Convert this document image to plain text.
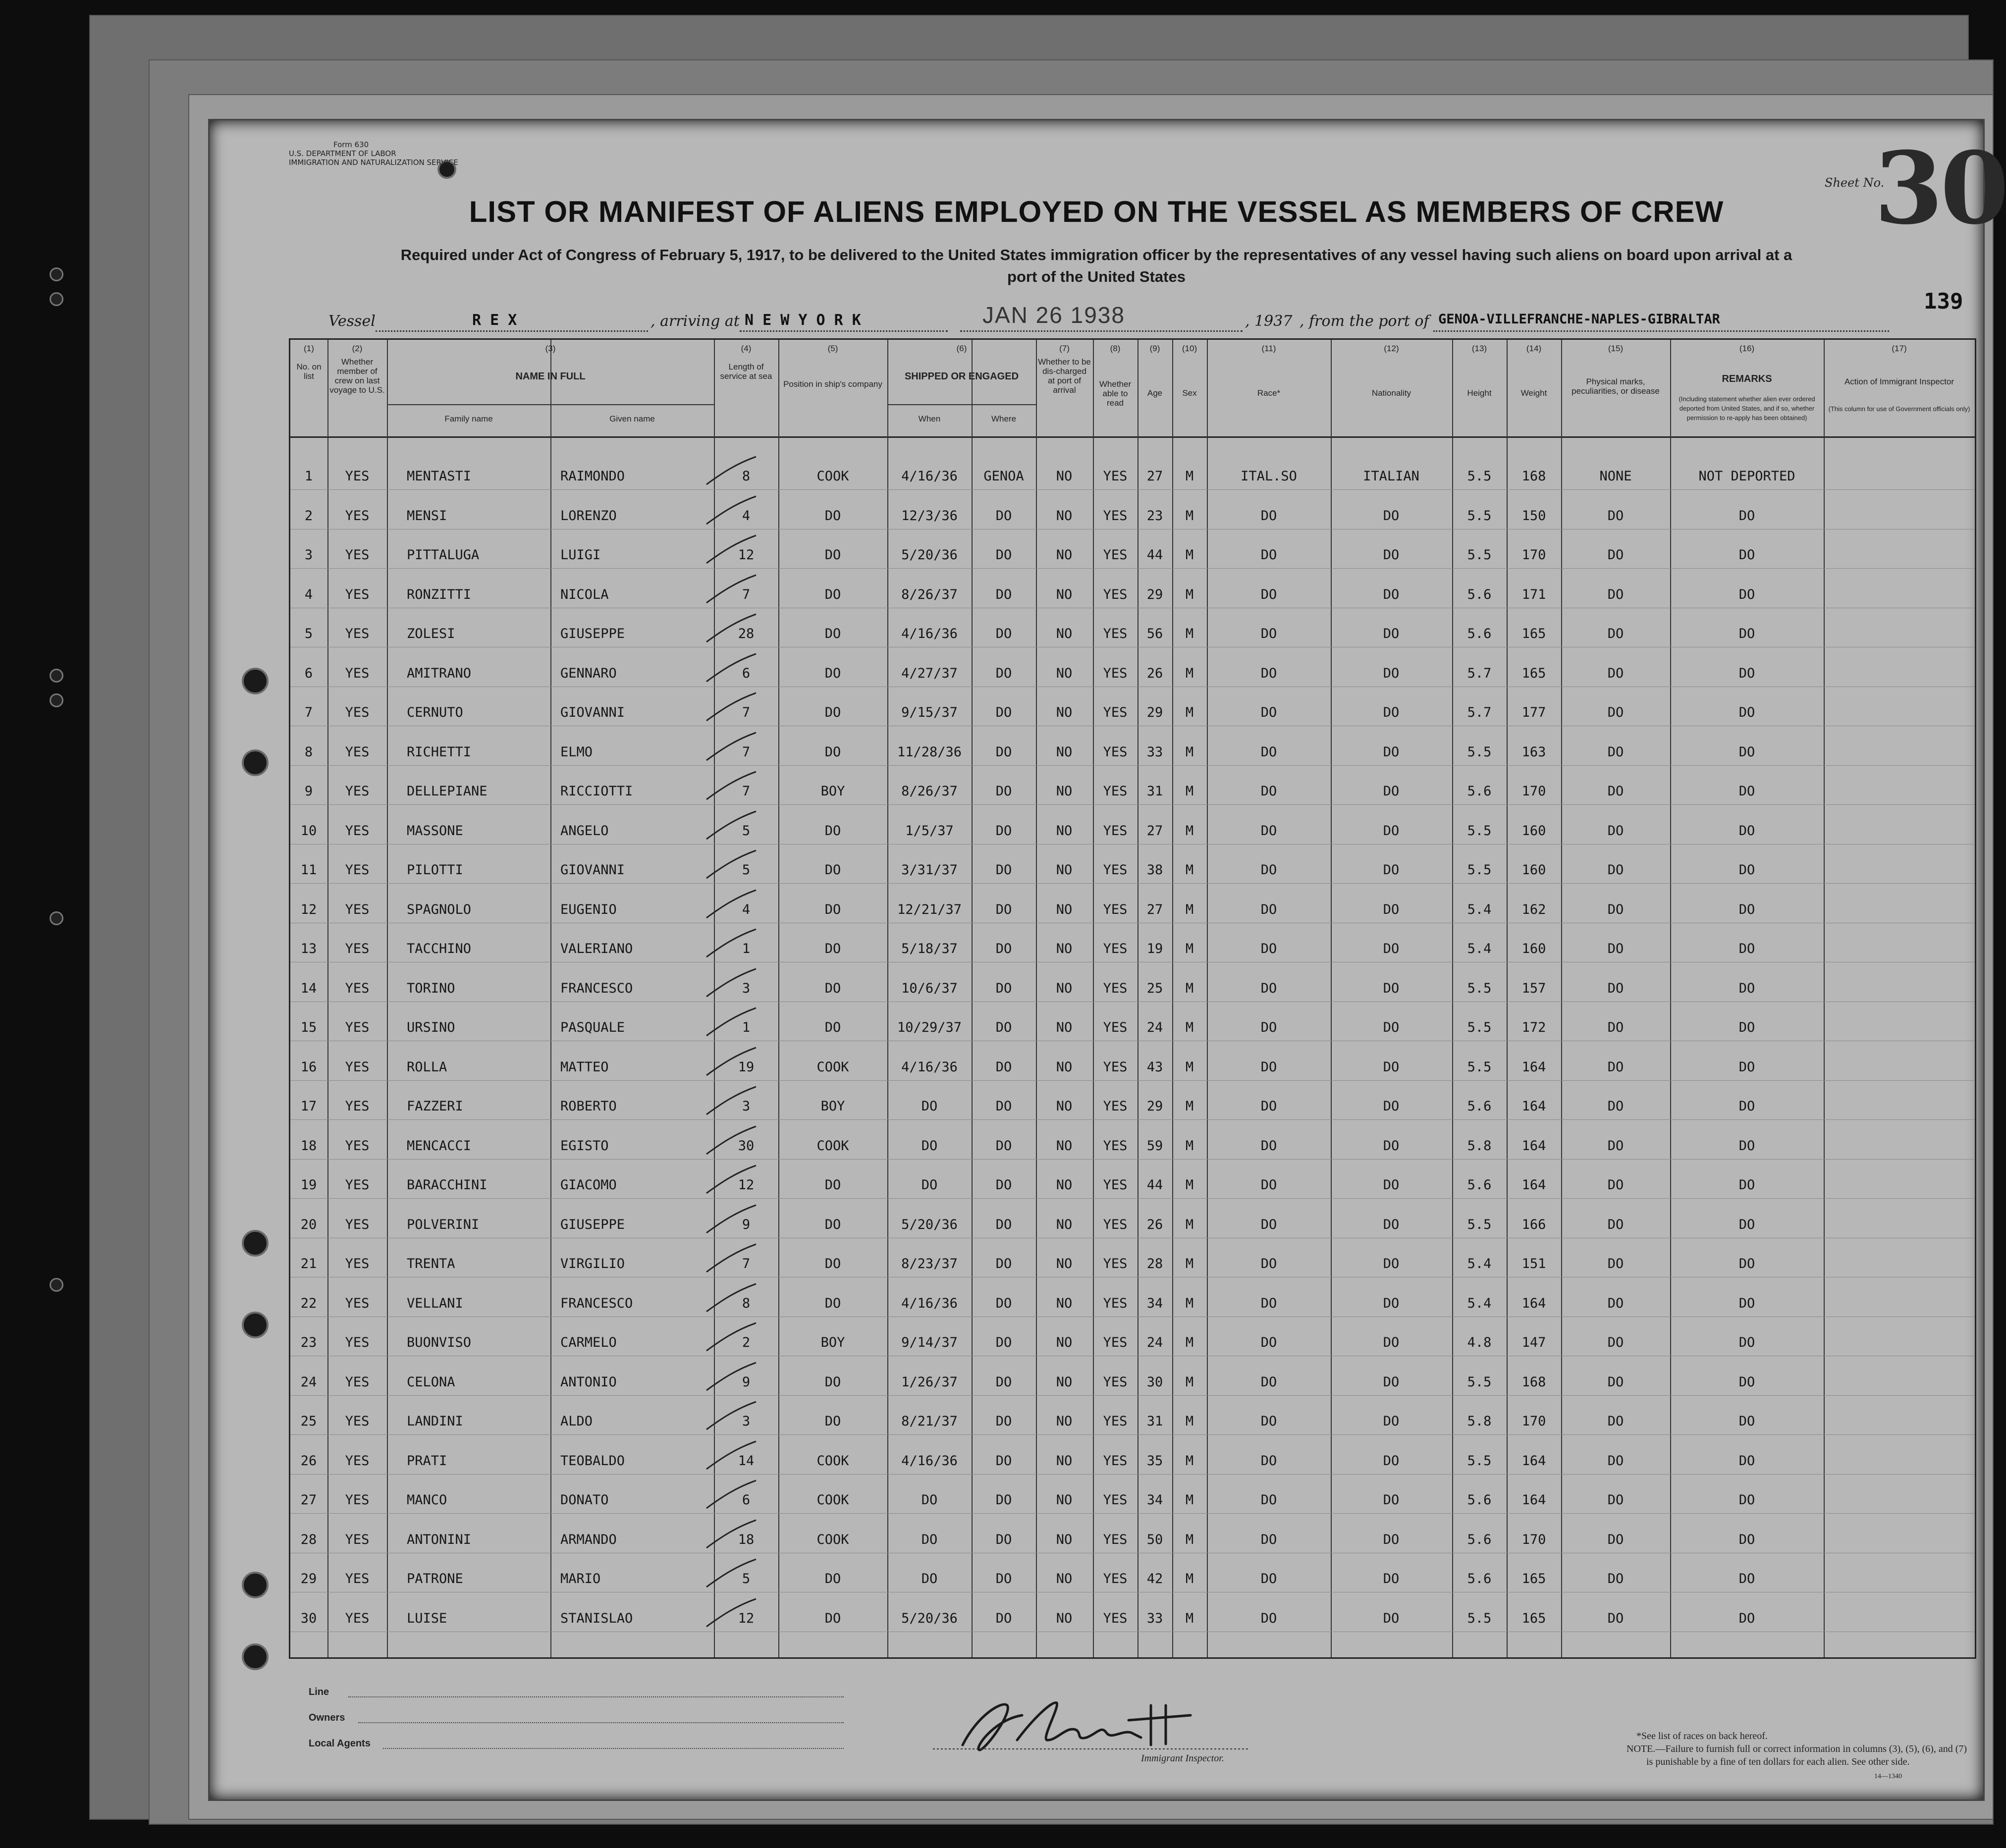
Form 630
U.S. DEPARTMENT OF LABOR
IMMIGRATION AND NATURALIZATION SERVICE
Sheet No.
30
139
LIST OR MANIFEST OF ALIENS EMPLOYED ON THE VESSEL AS MEMBERS OF CREW
Required under Act of Congress of February 5, 1917, to be delivered to the United States immigration officer by the representatives of any vessel having such aliens on board upon arrival at a
port of the United States
Vessel	R E X	, arriving at N E W Y O R K	JAN 26 1938	, 1937 , from the port of GENOA-VILLEFRANCHE-NAPLES-GIBRALTAR
(1)
No. on list
(2)
Whether member of crew on last voyage to U.S.
(3)
NAME IN FULL
(4)
Length of service at sea
(5)
Position in ship's company
(6)
SHIPPED OR ENGAGED
(7)
Whether to be dis-charged at port of arrival
(8)
Whether able to read
(9)
Age
(10)
Sex
(11)
Race*
(12)
Nationality
(13)
Height
(14)
Weight
(15)
Physical marks, peculiarities, or disease
(16)
REMARKS
(17)
Action of Immigrant Inspector
Family name	Given name	When	Where
(Including statement whether alien ever ordered deported from United States, and if so, whether permission to re-apply has been obtained)
(This column for use of Government officials only)
1 YES	MENTASTI	RAIMONDO	8	COOK	4/16/36 GENOA NO YES 27 M	ITAL.SO	ITALIAN	5.5 168	NONE	NOT DEPORTED
2 YES	MENSI	LORENZO	4	DO	12/3/36	DO	NO YES 23 M	DO	DO	5.5 150	DO	DO
3 YES	PITTALUGA	LUIGI	12	DO	5/20/36	DO	NO YES 44 M	DO	DO	5.5 170	DO	DO
4 YES	RONZITTI	NICOLA	7	DO	8/26/37	DO	NO YES 29 M	DO	DO	5.6 171	DO	DO
5 YES	ZOLESI	GIUSEPPE	28	DO	4/16/36	DO	NO YES 56 M	DO	DO	5.6 165	DO	DO
6 YES	AMITRANO	GENNARO	6	DO	4/27/37	DO	NO YES 26 M	DO	DO	5.7 165	DO	DO
7 YES	CERNUTO	GIOVANNI	7	DO	9/15/37	DO	NO YES 29 M	DO	DO	5.7 177	DO	DO
8 YES	RICHETTI	ELMO	7	DO	11/28/36	DO	NO YES 33 M	DO	DO	5.5 163	DO	DO
9 YES	DELLEPIANE	RICCIOTTI	7	BOY	8/26/37	DO	NO YES 31 M	DO	DO	5.6 170	DO	DO
10 YES	MASSONE	ANGELO	5	DO	1/5/37	DO	NO YES 27 M	DO	DO	5.5 160	DO	DO
11 YES	PILOTTI	GIOVANNI	5	DO	3/31/37	DO	NO YES 38 M	DO	DO	5.5 160	DO	DO
12 YES	SPAGNOLO	EUGENIO	4	DO	12/21/37	DO	NO YES 27 M	DO	DO	5.4 162	DO	DO
13 YES	TACCHINO	VALERIANO	1	DO	5/18/37	DO	NO YES 19 M	DO	DO	5.4 160	DO	DO
14 YES	TORINO	FRANCESCO	3	DO	10/6/37	DO	NO YES 25 M	DO	DO	5.5 157	DO	DO
15 YES	URSINO	PASQUALE	1	DO	10/29/37	DO	NO YES 24 M	DO	DO	5.5 172	DO	DO
16 YES	ROLLA	MATTEO	19	COOK	4/16/36	DO	NO YES 43 M	DO	DO	5.5 164	DO	DO
17 YES	FAZZERI	ROBERTO	3	BOY	DO	DO	NO YES 29 M	DO	DO	5.6 164	DO	DO
18 YES	MENCACCI	EGISTO	30	COOK	DO	DO	NO YES 59 M	DO	DO	5.8 164	DO	DO
19 YES	BARACCHINI	GIACOMO	12	DO	DO	DO	NO YES 44 M	DO	DO	5.6 164	DO	DO
20 YES	POLVERINI	GIUSEPPE	9	DO	5/20/36	DO	NO YES 26 M	DO	DO	5.5 166	DO	DO
21 YES	TRENTA	VIRGILIO	7	DO	8/23/37	DO	NO YES 28 M	DO	DO	5.4 151	DO	DO
22 YES	VELLANI	FRANCESCO	8	DO	4/16/36	DO	NO YES 34 M	DO	DO	5.4 164	DO	DO
23 YES	BUONVISO	CARMELO	2	BOY	9/14/37	DO	NO YES 24 M	DO	DO	4.8 147	DO	DO
24 YES	CELONA	ANTONIO	9	DO	1/26/37	DO	NO YES 30 M	DO	DO	5.5 168	DO	DO
25 YES	LANDINI	ALDO	3	DO	8/21/37	DO	NO YES 31 M	DO	DO	5.8 170	DO	DO
26 YES	PRATI	TEOBALDO	14	COOK	4/16/36	DO	NO YES 35 M	DO	DO	5.5 164	DO	DO
27 YES	MANCO	DONATO	6	COOK	DO	DO	NO YES 34 M	DO	DO	5.6 164	DO	DO
28 YES	ANTONINI	ARMANDO	18	COOK	DO	DO	NO YES 50 M	DO	DO	5.6 170	DO	DO
29 YES	PATRONE	MARIO	5	DO	DO	DO	NO YES 42 M	DO	DO	5.6 165	DO	DO
30 YES	LUISE	STANISLAO	12	DO	5/20/36	DO	NO YES 33 M	DO	DO	5.5 165	DO	DO
Line
Owners
Local Agents
Immigrant Inspector.
*See list of races on back hereof.
NOTE.—Failure to furnish full or correct information in columns (3), (5), (6), and (7)
is punishable by a fine of ten dollars for each alien. See other side.
14—1340
